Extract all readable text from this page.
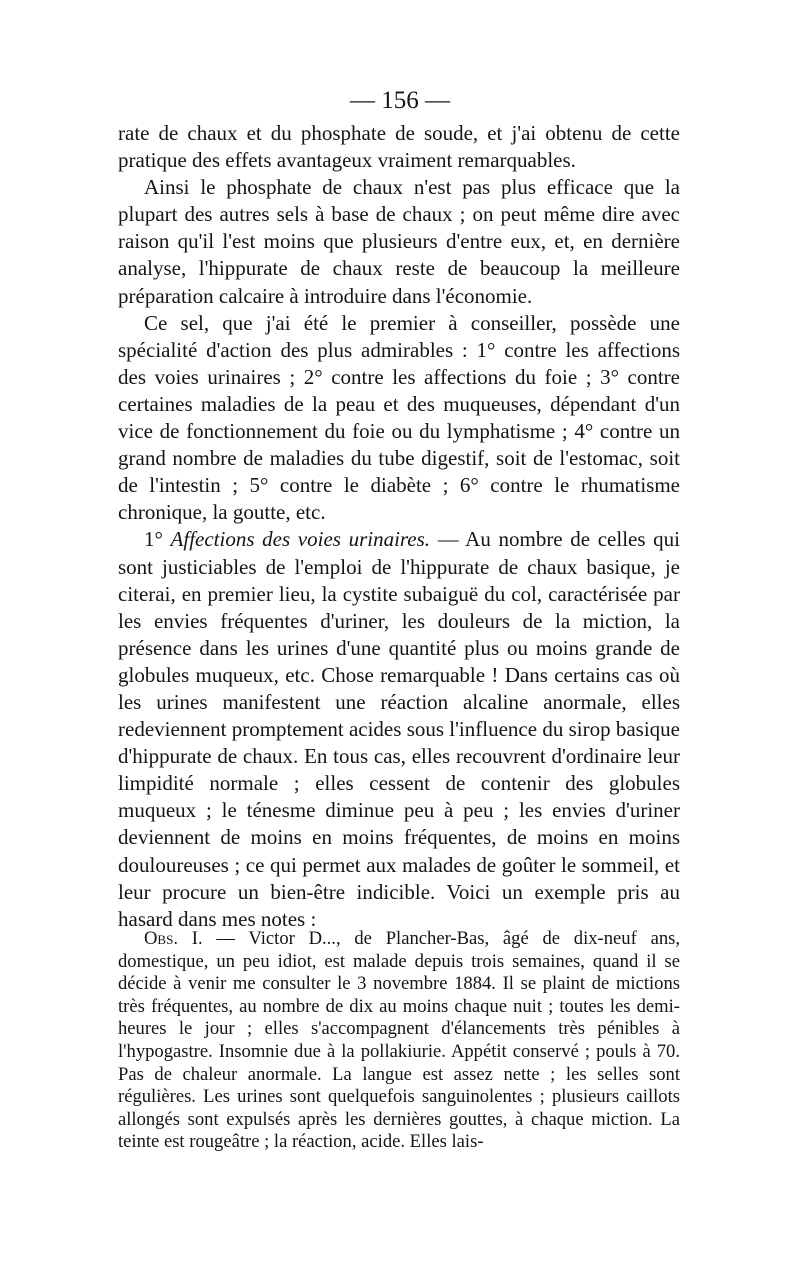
— 156 —

rate de chaux et du phosphate de soude, et j'ai obtenu de cette pratique des effets avantageux vraiment remarquables.

Ainsi le phosphate de chaux n'est pas plus efficace que la plupart des autres sels à base de chaux ; on peut même dire avec raison qu'il l'est moins que plusieurs d'entre eux, et, en dernière analyse, l'hippurate de chaux reste de beaucoup la meilleure préparation calcaire à introduire dans l'économie.

Ce sel, que j'ai été le premier à conseiller, possède une spécialité d'action des plus admirables : 1° contre les affections des voies urinaires ; 2° contre les affections du foie ; 3° contre certaines maladies de la peau et des muqueuses, dépendant d'un vice de fonctionnement du foie ou du lymphatisme ; 4° contre un grand nombre de maladies du tube digestif, soit de l'estomac, soit de l'intestin ; 5° contre le diabète ; 6° contre le rhumatisme chronique, la goutte, etc.

1° Affections des voies urinaires. — Au nombre de celles qui sont justiciables de l'emploi de l'hippurate de chaux basique, je citerai, en premier lieu, la cystite subaiguë du col, caractérisée par les envies fréquentes d'uriner, les douleurs de la miction, la présence dans les urines d'une quantité plus ou moins grande de globules muqueux, etc. Chose remarquable ! Dans certains cas où les urines manifestent une réaction alcaline anormale, elles redeviennent promptement acides sous l'influence du sirop basique d'hippurate de chaux. En tous cas, elles recouvrent d'ordinaire leur limpidité normale ; elles cessent de contenir des globules muqueux ; le ténesme diminue peu à peu ; les envies d'uriner deviennent de moins en moins fréquentes, de moins en moins douloureuses ; ce qui permet aux malades de goûter le sommeil, et leur procure un bien-être indicible. Voici un exemple pris au hasard dans mes notes :

Obs. I. — Victor D..., de Plancher-Bas, âgé de dix-neuf ans, domestique, un peu idiot, est malade depuis trois semaines, quand il se décide à venir me consulter le 3 novembre 1884. Il se plaint de mictions très fréquentes, au nombre de dix au moins chaque nuit ; toutes les demi-heures le jour ; elles s'accompagnent d'élancements très pénibles à l'hypogastre. Insomnie due à la pollakiurie. Appétit conservé ; pouls à 70. Pas de chaleur anormale. La langue est assez nette ; les selles sont régulières. Les urines sont quelquefois sanguinolentes ; plusieurs caillots allongés sont expulsés après les dernières gouttes, à chaque miction. La teinte est rougeâtre ; la réaction, acide. Elles lais-
